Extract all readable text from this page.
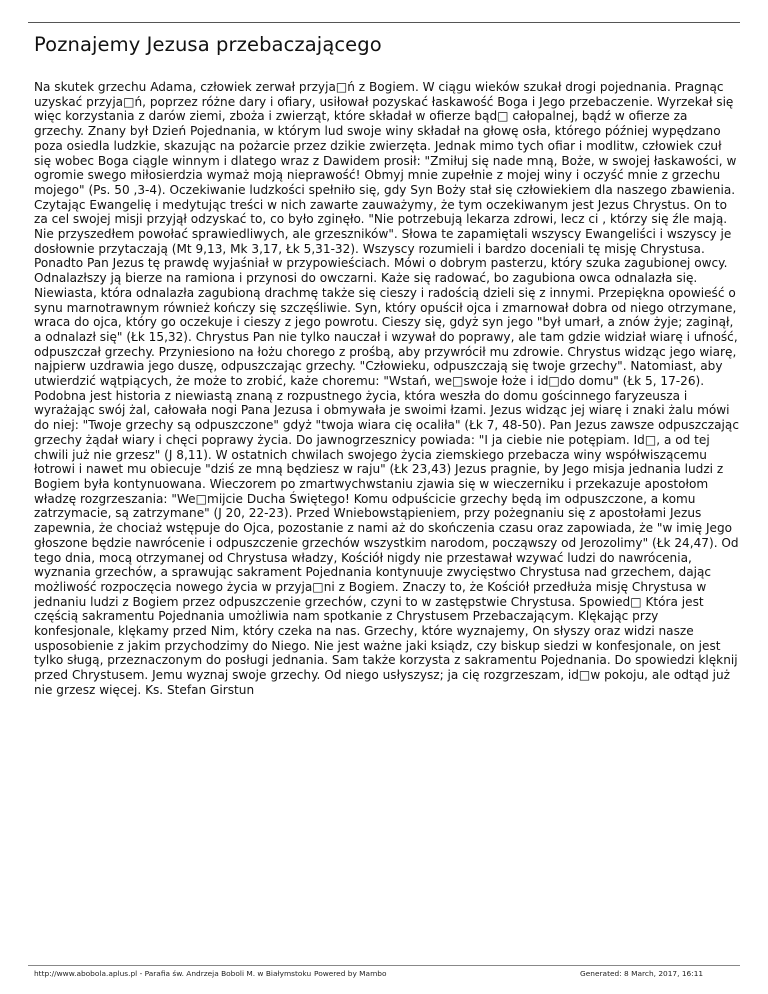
Poznajemy Jezusa przebaczającego

Na skutek grzechu Adama, człowiek zerwał przyja□ń z Bogiem. W ciągu wieków szukał drogi pojednania. Pragnąc uzyskać przyja□ń, poprzez różne dary i ofiary, usiłował pozyskać łaskawość Boga i Jego przebaczenie. Wyrzekał się więc korzystania z darów ziemi, zboża i zwierząt, które składał w ofierze bąd□ całopalnej, bądź w ofierze za grzechy. Znany był Dzień Pojednania, w którym lud swoje winy składał na głowę osła, którego później wypędzano poza osiedla ludzkie, skazując na pożarcie przez dzikie zwierzęta. Jednak mimo tych ofiar i modlitw, człowiek czuł się wobec Boga ciągle winnym i dlatego wraz z Dawidem prosił: "Zmiłuj się nade mną, Boże, w swojej łaskawości, w ogromie swego miłosierdzia wymaż moją nieprawość! Obmyj mnie zupełnie z mojej winy i oczyść mnie z grzechu mojego" (Ps. 50 ,3-4). Oczekiwanie ludzkości spełniło się, gdy Syn Boży stał się człowiekiem dla naszego zbawienia. Czytając Ewangelię i medytując treści w nich zawarte zauważymy, że tym oczekiwanym jest Jezus Chrystus. On to za cel swojej misji przyjął odzyskać to, co było zginęło. "Nie potrzebują lekarza zdrowi, lecz ci , którzy się źle mają. Nie przyszedłem powołać sprawiedliwych, ale grzeszników". Słowa te zapamiętali wszyscy Ewangeliści i wszyscy je dosłownie przytaczają (Mt 9,13, Mk 3,17, Łk 5,31-32). Wszyscy rozumieli i bardzo doceniali tę misję Chrystusa. Ponadto Pan Jezus tę prawdę wyjaśniał w przypowieściach. Mówi o dobrym pasterzu, który szuka zagubionej owcy. Odnalazłszy ją bierze na ramiona i przynosi do owczarni. Każe się radować, bo zagubiona owca odnalazła się. Niewiasta, która odnalazła zagubioną drachmę także się cieszy i radością dzieli się z innymi. Przepiękna opowieść o synu marnotrawnym również kończy się szczęśliwie. Syn, który opuścił ojca i zmarnował dobra od niego otrzymane, wraca do ojca, który go oczekuje i cieszy z jego powrotu. Cieszy się, gdyż syn jego "był umarł, a znów żyje; zaginął, a odnalazł się" (Łk 15,32). Chrystus Pan nie tylko nauczał i wzywał do poprawy, ale tam gdzie widział wiarę i ufność, odpuszczał grzechy. Przyniesiono na łożu chorego z prośbą, aby przywrócił mu zdrowie. Chrystus widząc jego wiarę, najpierw uzdrawia jego duszę, odpuszczając grzechy. "Człowieku, odpuszczają się twoje grzechy". Natomiast, aby utwierdzić wątpiących, że może to zrobić, każe choremu: "Wstań, we□swoje łoże i id□do domu" (Łk 5, 17-26). Podobna jest historia z niewiastą znaną z rozpustnego życia, która weszła do domu gościnnego faryzeusza i wyrażając swój żal, całowała nogi Pana Jezusa i obmywała je swoimi łzami. Jezus widząc jej wiarę i znaki żalu mówi do niej: "Twoje grzechy są odpuszczone" gdyż "twoja wiara cię ocaliła" (Łk 7, 48-50). Pan Jezus zawsze odpuszczając grzechy żądał wiary i chęci poprawy życia. Do jawnogrzesznicy powiada: "I ja ciebie nie potępiam. Id□, a od tej chwili już nie grzesz" (J 8,11). W ostatnich chwilach swojego życia ziemskiego przebacza winy współwiszącemu łotrowi i nawet mu obiecuje "dziś ze mną będziesz w raju" (Łk 23,43) Jezus pragnie, by Jego misja jednania ludzi z Bogiem była kontynuowana. Wieczorem po zmartwychwstaniu zjawia się w wieczerniku i przekazuje apostołom władzę rozgrzeszania: "We□mijcie Ducha Świętego! Komu odpuścicie grzechy będą im odpuszczone, a komu zatrzymacie, są zatrzymane" (J 20, 22-23). Przed Wniebowstąpieniem, przy pożegnaniu się z apostołami Jezus zapewnia, że chociaż wstępuje do Ojca, pozostanie z nami aż do skończenia czasu oraz zapowiada, że "w imię Jego głoszone będzie nawrócenie i odpuszczenie grzechów wszystkim narodom, począwszy od Jerozolimy" (Łk 24,47). Od tego dnia, mocą otrzymanej od Chrystusa władzy, Kościół nigdy nie przestawał wzywać ludzi do nawrócenia, wyznania grzechów, a sprawując sakrament Pojednania kontynuuje zwycięstwo Chrystusa nad grzechem, dając możliwość rozpoczęcia nowego życia w przyja□ni z Bogiem. Znaczy to, że Kościół przedłuża misję Chrystusa w jednaniu ludzi z Bogiem przez odpuszczenie grzechów, czyni to w zastępstwie Chrystusa. Spowied□ Która jest częścią sakramentu Pojednania umożliwia nam spotkanie z Chrystusem Przebaczającym. Klękając przy konfesjonale, klękamy przed Nim, który czeka na nas. Grzechy, które wyznajemy, On słyszy oraz widzi nasze usposobienie z jakim przychodzimy do Niego. Nie jest ważne jaki ksiądz, czy biskup siedzi w konfesjonale, on jest tylko sługą, przeznaczonym do posługi jednania. Sam także korzysta z sakramentu Pojednania. Do spowiedzi klęknij przed Chrystusem. Jemu wyznaj swoje grzechy. Od niego usłyszysz; ja cię rozgrzeszam, id□w pokoju, ale odtąd już nie grzesz więcej. Ks. Stefan Girstun

http://www.abobola.aplus.pl - Parafia św. Andrzeja Boboli M. w Białymstoku Powered by Mambo	Generated: 8 March, 2017, 16:11
